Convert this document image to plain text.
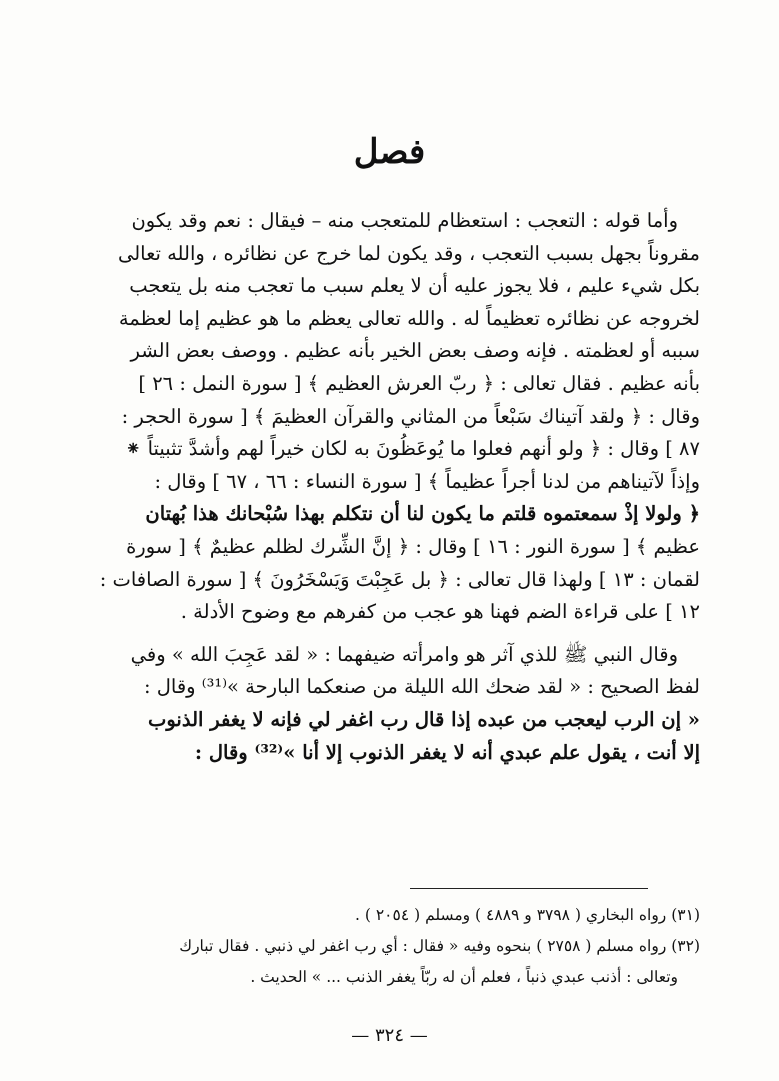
فصل
وأما قوله : التعجب : استعظام للمتعجب منه – فيقال : نعم وقد يكون
مقروناً بجهل بسبب التعجب ، وقد يكون لما خرج عن نظائره ، والله تعالى
بكل شيء عليم ، فلا يجوز عليه أن لا يعلم سبب ما تعجب منه بل يتعجب
لخروجه عن نظائره تعظيماً له . والله تعالى يعظم ما هو عظيم إما لعظمة
سببه أو لعظمته . فإنه وصف بعض الخير بأنه عظيم . ووصف بعض الشر
بأنه عظيم . فقال تعالى : ﴿ ربّ العرش العظيم ﴾ [ سورة النمل : ٢٦ ]
وقال : ﴿ ولقد آتيناك سَبْعاً من المثاني والقرآن العظيمَ ﴾ [ سورة الحجر :
٨٧ ] وقال : ﴿ ولو أنهم فعلوا ما يُوعَظُونَ به لكان خيراً لهم وأشدَّ تثبيتاً ⁕
وإذاً لآتيناهم من لدنا أجراً عظيماً ﴾ [ سورة النساء : ٦٦ ، ٦٧ ] وقال :
﴿ ولولا إذْ سمعتموه قلتم ما يكون لنا أن نتكلم بهذا سُبْحانك هذا بُهتان
عظيم ﴾ [ سورة النور : ١٦ ] وقال : ﴿ إنَّ الشِّرك لظلم عظيمٌ ﴾ [ سورة
لقمان : ١٣ ] ولهذا قال تعالى : ﴿ بل عَجِبْتَ وَيَسْخَرُونَ ﴾ [ سورة الصافات :
١٢ ] على قراءة الضم فهنا هو عجب من كفرهم مع وضوح الأدلة .
وقال النبي ﷺ للذي آثر هو وامرأته ضيفهما : « لقد عَجِبَ الله » وفي
لفظ الصحيح : « لقد ضحك الله الليلة من صنعكما البارحة »⁽³¹⁾ وقال :
« إن الرب ليعجب من عبده إذا قال رب اغفر لي فإنه لا يغفر الذنوب
إلا أنت ، يقول علم عبدي أنه لا يغفر الذنوب إلا أنا »⁽³²⁾ وقال :
(٣١) رواه البخاري ( ٣٧٩٨ و ٤٨٨٩ ) ومسلم ( ٢٠٥٤ ) .
(٣٢) رواه مسلم ( ٢٧٥٨ ) بنحوه وفيه « فقال : أي رب اغفر لي ذنبي . فقال تبارك
وتعالى : أذنب عبدي ذنباً ، فعلم أن له ربّاً يغفر الذنب ... » الحديث .
— ٣٢٤ —
